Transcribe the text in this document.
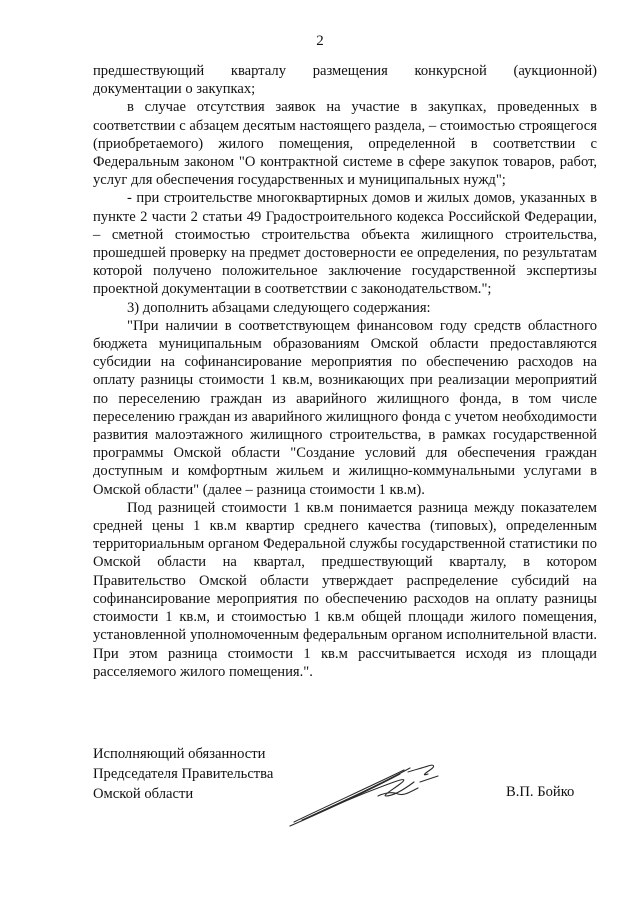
2

предшествующий кварталу размещения конкурсной (аукционной) документации о закупках;

в случае отсутствия заявок на участие в закупках, проведенных в соответствии с абзацем десятым настоящего раздела, – стоимостью строящегося (приобретаемого) жилого помещения, определенной в соответствии с Федеральным законом "О контрактной системе в сфере закупок товаров, работ, услуг для обеспечения государственных и муниципальных нужд";

- при строительстве многоквартирных домов и жилых домов, указанных в пункте 2 части 2 статьи 49 Градостроительного кодекса Российской Федерации, – сметной стоимостью строительства объекта жилищного строительства, прошедшей проверку на предмет достоверности ее определения, по результатам которой получено положительное заключение государственной экспертизы проектной документации в соответствии с законодательством.";

3) дополнить абзацами следующего содержания:

"При наличии в соответствующем финансовом году средств областного бюджета муниципальным образованиям Омской области предоставляются субсидии на софинансирование мероприятия по обеспечению расходов на оплату разницы стоимости 1 кв.м, возникающих при реализации мероприятий по переселению граждан из аварийного жилищного фонда, в том числе переселению граждан из аварийного жилищного фонда с учетом необходимости развития малоэтажного жилищного строительства, в рамках государственной программы Омской области "Создание условий для обеспечения граждан доступным и комфортным жильем и жилищно-коммунальными услугами в Омской области" (далее – разница стоимости 1 кв.м).

Под разницей стоимости 1 кв.м понимается разница между показателем средней цены 1 кв.м квартир среднего качества (типовых), определенным территориальным органом Федеральной службы государственной статистики по Омской области на квартал, предшествующий кварталу, в котором Правительство Омской области утверждает распределение субсидий на софинансирование мероприятия по обеспечению расходов на оплату разницы стоимости 1 кв.м, и стоимостью 1 кв.м общей площади жилого помещения, установленной уполномоченным федеральным органом исполнительной власти. При этом разница стоимости 1 кв.м рассчитывается исходя из площади расселяемого жилого помещения.".

Исполняющий обязанности
Председателя Правительства
Омской области	В.П. Бойко
